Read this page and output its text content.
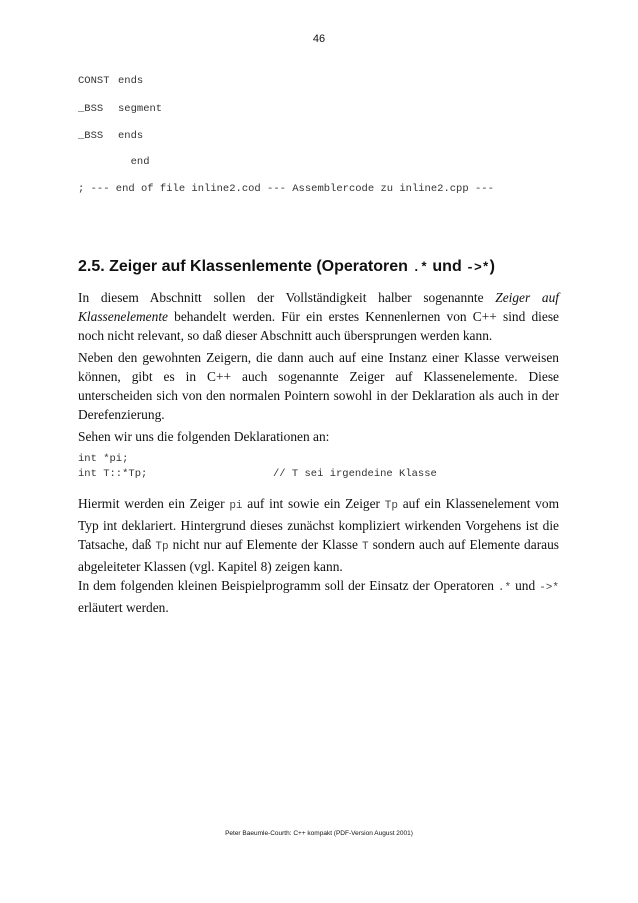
46
CONST ends
_BSS segment
_BSS ends
end
; --- end of file inline2.cod --- Assemblercode zu inline2.cpp ---
2.5. Zeiger auf Klassenlemente (Operatoren .* und ->*)

In diesem Abschnitt sollen der Vollständigkeit halber sogenannte Zeiger auf Klassenelemente behandelt werden. Für ein erstes Kennenlernen von C++ sind diese noch nicht relevant, so daß dieser Abschnitt auch übersprungen werden kann.

Neben den gewohnten Zeigern, die dann auch auf eine Instanz einer Klasse verweisen können, gibt es in C++ auch sogenannte Zeiger auf Klassenelemente. Diese unterscheiden sich von den normalen Pointern sowohl in der Deklaration als auch in der Derefenzierung.

Sehen wir uns die folgenden Deklarationen an:

int *pi;
int T::*Tp;	// T sei irgendeine Klasse

Hiermit werden ein Zeiger pi auf int sowie ein Zeiger Tp auf ein Klassenelement vom Typ int deklariert. Hintergrund dieses zunächst kompliziert wirkenden Vorgehens ist die Tatsache, daß Tp nicht nur auf Elemente der Klasse T sondern auch auf Elemente daraus abgeleiteter Klassen (vgl. Kapitel 8) zeigen kann.

In dem folgenden kleinen Beispielprogramm soll der Einsatz der Operatoren .* und ->* erläutert werden.

Peter Baeumle-Courth: C++ kompakt (PDF-Version August 2001)
